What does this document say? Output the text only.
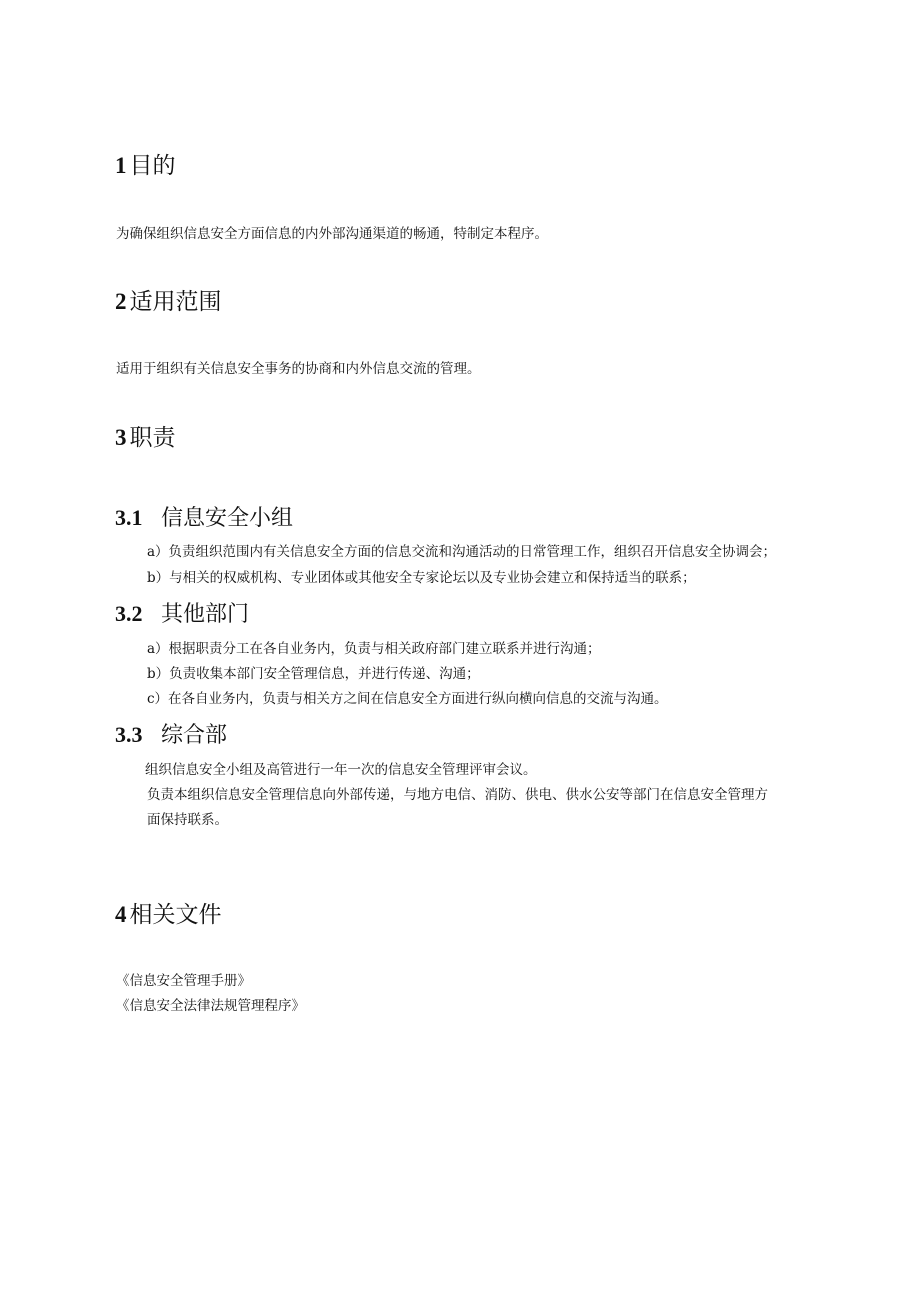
1 目的
为确保组织信息安全方面信息的内外部沟通渠道的畅通，特制定本程序。
2 适用范围
适用于组织有关信息安全事务的协商和内外信息交流的管理。
3 职责
3.1 信息安全小组
a）负责组织范围内有关信息安全方面的信息交流和沟通活动的日常管理工作，组织召开信息安全协调会；
b）与相关的权威机构、专业团体或其他安全专家论坛以及专业协会建立和保持适当的联系；
3.2 其他部门
a）根据职责分工在各自业务内，负责与相关政府部门建立联系并进行沟通；
b）负责收集本部门安全管理信息，并进行传递、沟通；
c）在各自业务内，负责与相关方之间在信息安全方面进行纵向横向信息的交流与沟通。
3.3 综合部
组织信息安全小组及高管进行一年一次的信息安全管理评审会议。
负责本组织信息安全管理信息向外部传递，与地方电信、消防、供电、供水公安等部门在信息安全管理方
面保持联系。
4 相关文件
《信息安全管理手册》
《信息安全法律法规管理程序》
